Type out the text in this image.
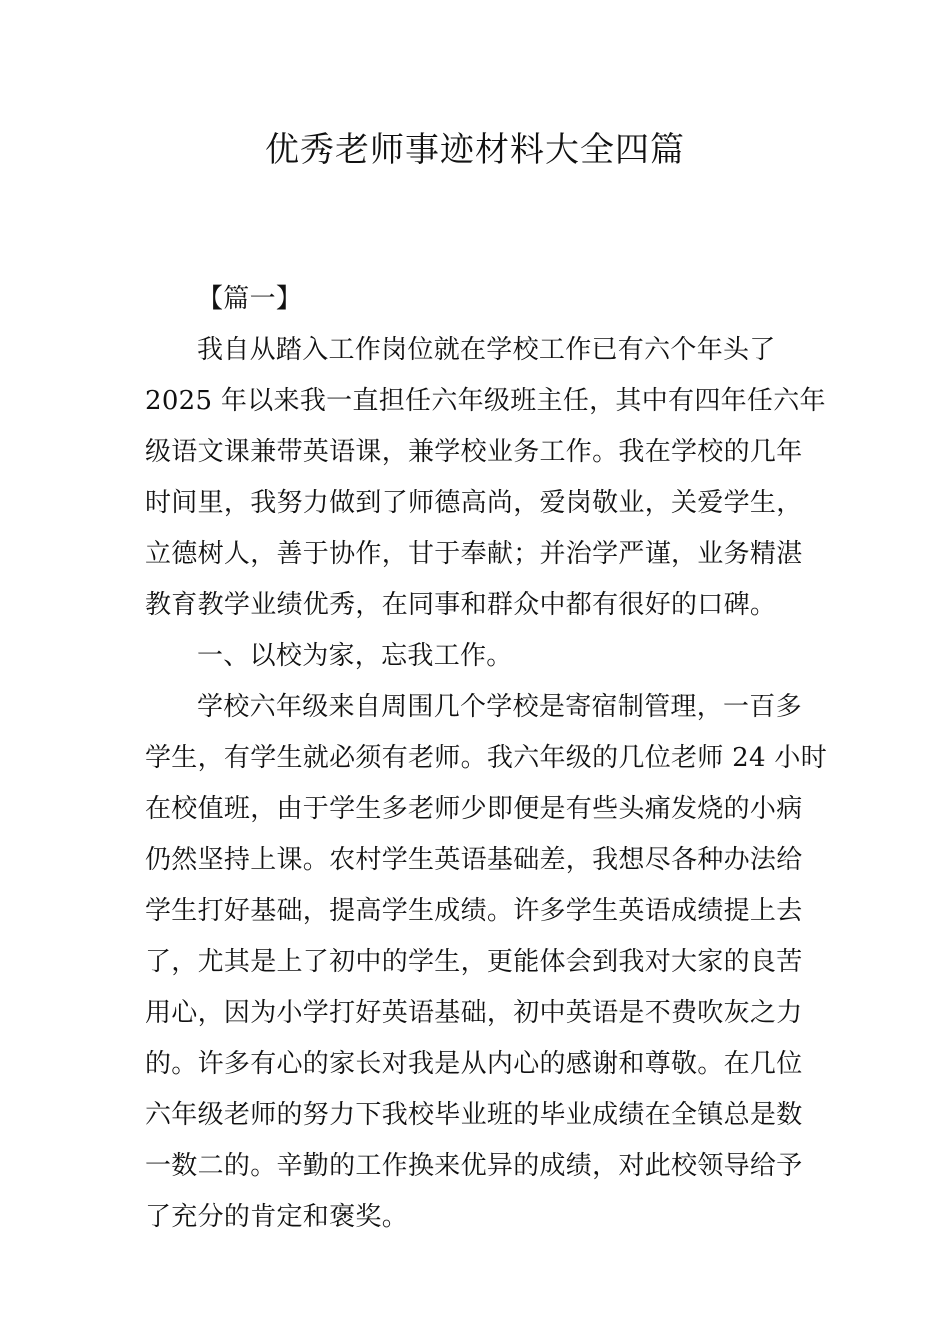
优秀老师事迹材料大全四篇
【篇一】
我自从踏入工作岗位就在学校工作已有六个年头了
2025 年以来我一直担任六年级班主任，其中有四年任六年
级语文课兼带英语课，兼学校业务工作。我在学校的几年
时间里，我努力做到了师德高尚，爱岗敬业，关爱学生，
立德树人，善于协作，甘于奉献；并治学严谨，业务精湛
教育教学业绩优秀，在同事和群众中都有很好的口碑。
一、以校为家，忘我工作。
学校六年级来自周围几个学校是寄宿制管理，一百多
学生，有学生就必须有老师。我六年级的几位老师 24 小时
在校值班，由于学生多老师少即便是有些头痛发烧的小病
仍然坚持上课。农村学生英语基础差，我想尽各种办法给
学生打好基础，提高学生成绩。许多学生英语成绩提上去
了，尤其是上了初中的学生，更能体会到我对大家的良苦
用心，因为小学打好英语基础，初中英语是不费吹灰之力
的。许多有心的家长对我是从内心的感谢和尊敬。在几位
六年级老师的努力下我校毕业班的毕业成绩在全镇总是数
一数二的。辛勤的工作换来优异的成绩，对此校领导给予
了充分的肯定和褒奖。
